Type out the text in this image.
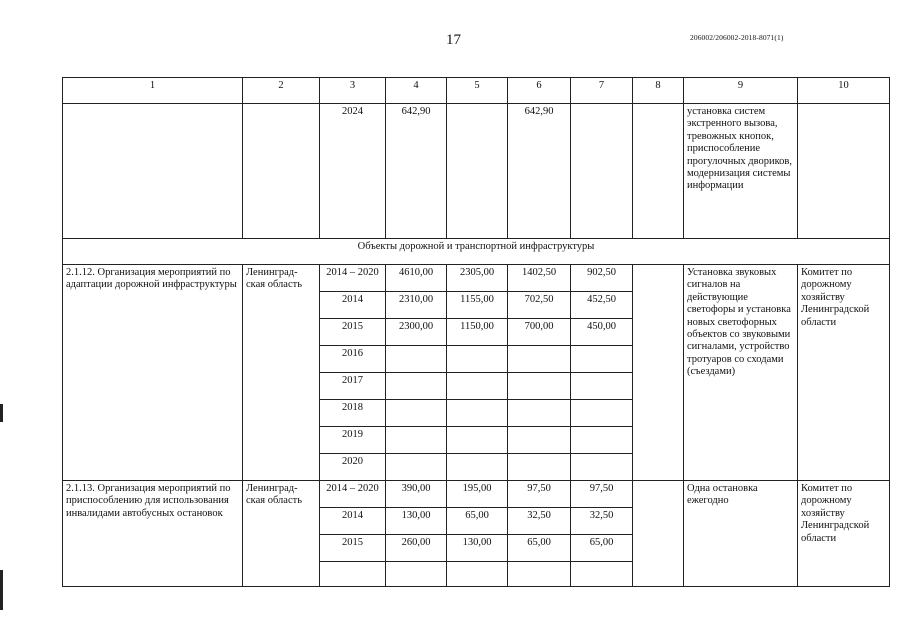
17	206002/206002-2018-8071(1)
1	2	3	4	5	6	7	8	9	10
		2024	642,90		642,90			установка систем экстренного вызова, тревожных кнопок, приспособление прогулочных двориков, модернизация системы информации	
Объекты дорожной и транспортной инфраструктуры									
2.1.12. Организация мероприятий по адаптации дорожной инфраструктуры	Ленинград-ская область	2014 – 2020	4610,00	2305,00	1402,50	902,50		Установка звуковых сигналов на действующие светофоры и установка новых светофорных объектов со звуковыми сигналами, устройство тротуаров со сходами (съездами)	Комитет по дорожному хозяйству Ленинградской области
		2014	2310,00	1155,00	702,50	452,50			
		2015	2300,00	1150,00	700,00	450,00			
		2016							
		2017							
		2018							
		2019							
		2020							
2.1.13. Организация мероприятий по приспособлению для использования инвалидами автобусных остановок	Ленинград-ская область	2014 – 2020	390,00	195,00	97,50	97,50		Одна остановка ежегодно	Комитет по дорожному хозяйству Ленинградской области
		2014	130,00	65,00	32,50	32,50			
		2015	260,00	130,00	65,00	65,00			
